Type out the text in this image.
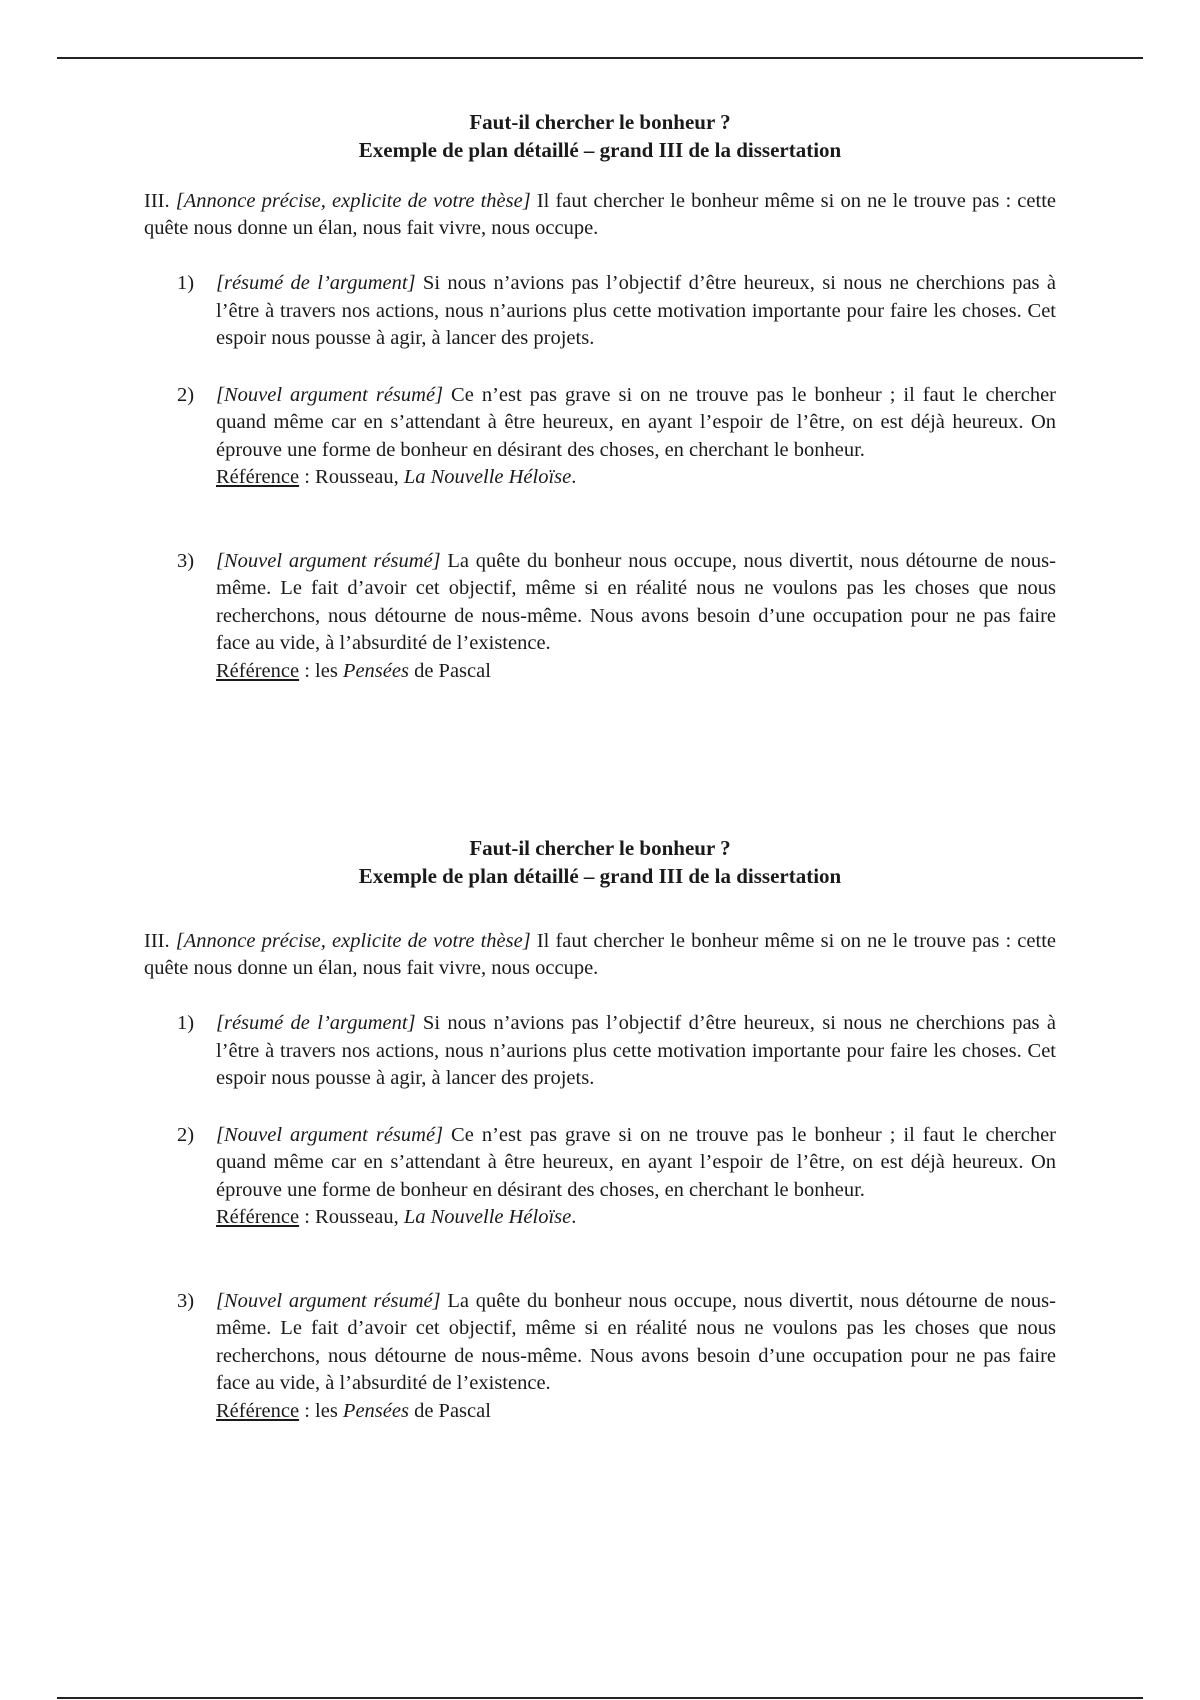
Faut-il chercher le bonheur ?
Exemple de plan détaillé – grand III de la dissertation

III. [Annonce précise, explicite de votre thèse] Il faut chercher le bonheur même si on ne le trouve pas : cette quête nous donne un élan, nous fait vivre, nous occupe.

1) [résumé de l’argument] Si nous n’avions pas l’objectif d’être heureux, si nous ne cherchions pas à l’être à travers nos actions, nous n’aurions plus cette motivation importante pour faire les choses. Cet espoir nous pousse à agir, à lancer des projets.
2) [Nouvel argument résumé] Ce n’est pas grave si on ne trouve pas le bonheur ; il faut le chercher quand même car en s’attendant à être heureux, en ayant l’espoir de l’être, on est déjà heureux. On éprouve une forme de bonheur en désirant des choses, en cherchant le bonheur.
Référence : Rousseau, La Nouvelle Héloïse.
3) [Nouvel argument résumé] La quête du bonheur nous occupe, nous divertit, nous détourne de nous-même. Le fait d’avoir cet objectif, même si en réalité nous ne voulons pas les choses que nous recherchons, nous détourne de nous-même. Nous avons besoin d’une occupation pour ne pas faire face au vide, à l’absurdité de l’existence.
Référence : les Pensées de Pascal

Faut-il chercher le bonheur ?
Exemple de plan détaillé – grand III de la dissertation

III. [Annonce précise, explicite de votre thèse] Il faut chercher le bonheur même si on ne le trouve pas : cette quête nous donne un élan, nous fait vivre, nous occupe.

1) [résumé de l’argument] Si nous n’avions pas l’objectif d’être heureux, si nous ne cherchions pas à l’être à travers nos actions, nous n’aurions plus cette motivation importante pour faire les choses. Cet espoir nous pousse à agir, à lancer des projets.
2) [Nouvel argument résumé] Ce n’est pas grave si on ne trouve pas le bonheur ; il faut le chercher quand même car en s’attendant à être heureux, en ayant l’espoir de l’être, on est déjà heureux. On éprouve une forme de bonheur en désirant des choses, en cherchant le bonheur.
Référence : Rousseau, La Nouvelle Héloïse.
3) [Nouvel argument résumé] La quête du bonheur nous occupe, nous divertit, nous détourne de nous-même. Le fait d’avoir cet objectif, même si en réalité nous ne voulons pas les choses que nous recherchons, nous détourne de nous-même. Nous avons besoin d’une occupation pour ne pas faire face au vide, à l’absurdité de l’existence.
Référence : les Pensées de Pascal
